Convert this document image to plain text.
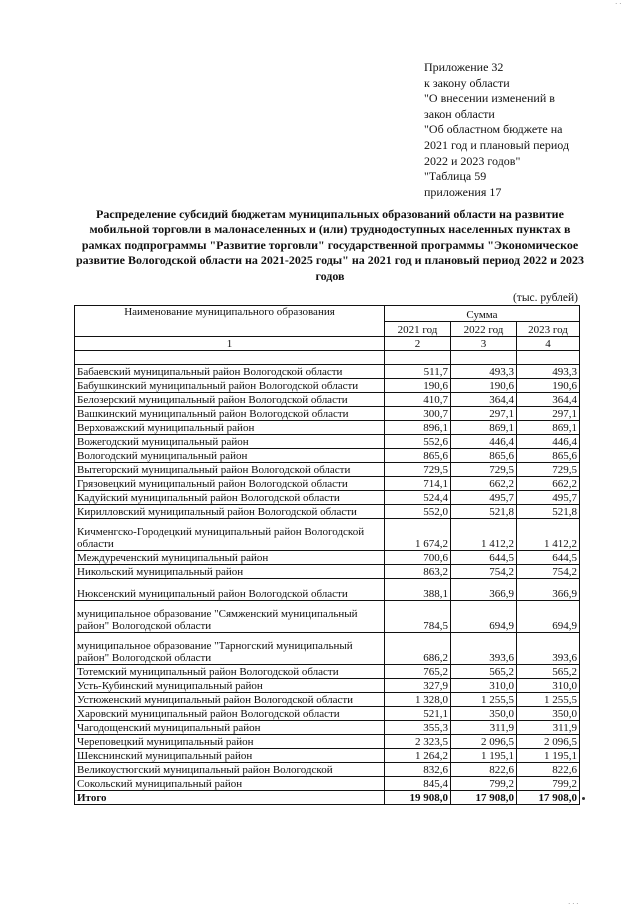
· ·
Приложение 32
к закону области
"О внесении изменений в
закон области
"Об областном бюджете на
2021 год и плановый период
2022 и 2023 годов"
"Таблица 59
приложения 17
Распределение субсидий бюджетам муниципальных образований области на развитие мобильной торговли в малонаселенных и (или) труднодоступных населенных пунктах в рамках подпрограммы "Развитие торговли" государственной программы "Экономическое развитие Вологодской области на 2021-2025 годы" на 2021 год и плановый период 2022 и 2023 годов
(тыс. рублей)
Наименование муниципального образования	Сумма		
	2021 год	2022 год	2023 год
1	2	3	4

Бабаевский муниципальный район Вологодской области	511,7	493,3	493,3
Бабушкинский муниципальный район Вологодской области	190,6	190,6	190,6
Белозерский муниципальный район Вологодской области	410,7	364,4	364,4
Вашкинский муниципальный район Вологодской области	300,7	297,1	297,1
Верховажский муниципальный район	896,1	869,1	869,1
Вожегодский муниципальный район	552,6	446,4	446,4
Вологодский муниципальный район	865,6	865,6	865,6
Вытегорский муниципальный район Вологодской области	729,5	729,5	729,5
Грязовецкий муниципальный район Вологодской области	714,1	662,2	662,2
Кадуйский муниципальный район Вологодской области	524,4	495,7	495,7
Кирилловский муниципальный район Вологодской области	552,0	521,8	521,8
Кичменгско-Городецкий муниципальный район Вологодской области	1 674,2	1 412,2	1 412,2
Междуреченский муниципальный район	700,6	644,5	644,5
Никольский муниципальный район	863,2	754,2	754,2
Нюксенский муниципальный район Вологодской области	388,1	366,9	366,9
муниципальное образование "Сямженский муниципальный район" Вологодской области	784,5	694,9	694,9
муниципальное образование "Тарногский муниципальный район" Вологодской области	686,2	393,6	393,6
Тотемский муниципальный район Вологодской области	765,2	565,2	565,2
Усть-Кубинский муниципальный район	327,9	310,0	310,0
Устюженский муниципальный район Вологодской области	1 328,0	1 255,5	1 255,5
Харовский муниципальный район Вологодской области	521,1	350,0	350,0
Чагодощенский муниципальный район	355,3	311,9	311,9
Череповецкий муниципальный район	2 323,5	2 096,5	2 096,5
Шекснинский муниципальный район	1 264,2	1 195,1	1 195,1
Великоустюгский муниципальный район Вологодской	832,6	822,6	822,6
Сокольский муниципальный район	845,4	799,2	799,2
Итого	19 908,0	17 908,0	17 908,0
· · ·
